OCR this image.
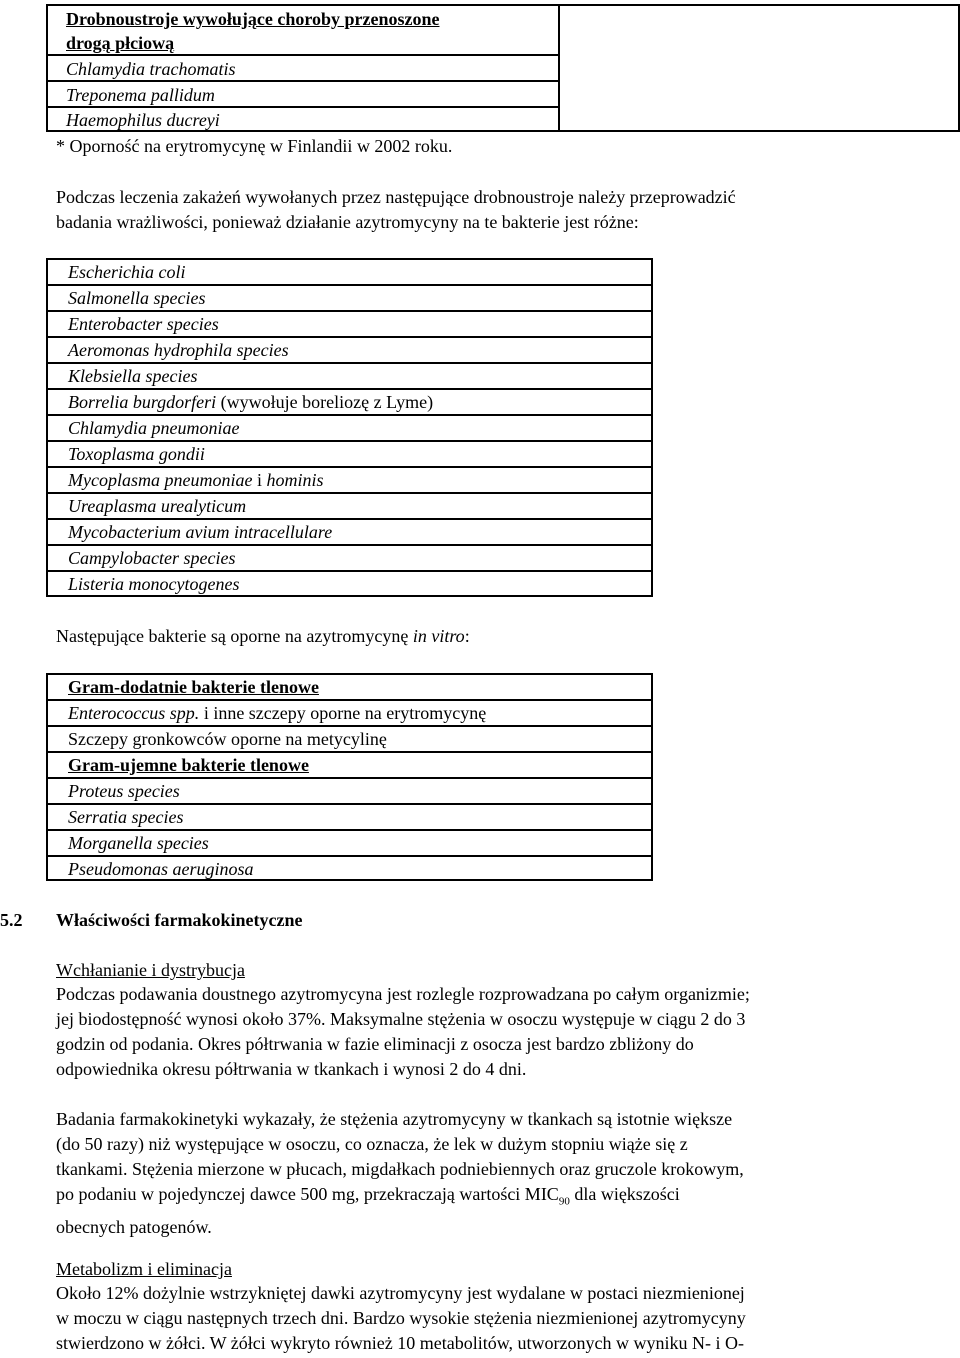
Drobnoustroje wywołujące choroby przenoszone
drogą płciową
Chlamydia trachomatis
Treponema pallidum
Haemophilus ducreyi
* Oporność na erytromycynę w Finlandii w 2002 roku.
Podczas leczenia zakażeń wywołanych przez następujące drobnoustroje należy przeprowadzić
badania wrażliwości, ponieważ działanie azytromycyny na te bakterie jest różne:
Escherichia coli
Salmonella species
Enterobacter species
Aeromonas hydrophila species
Klebsiella species
Borrelia burgdorferi (wywołuje boreliozę z Lyme)
Chlamydia pneumoniae
Toxoplasma gondii
Mycoplasma pneumoniae i hominis
Ureaplasma urealyticum
Mycobacterium avium intracellulare
Campylobacter species
Listeria monocytogenes
Następujące bakterie są oporne na azytromycynę in vitro:
Gram-dodatnie bakterie tlenowe
Enterococcus spp. i inne szczepy oporne na erytromycynę
Szczepy gronkowców oporne na metycylinę
Gram-ujemne bakterie tlenowe
Proteus species
Serratia species
Morganella species
Pseudomonas aeruginosa
5.2 Właściwości farmakokinetyczne
Wchłanianie i dystrybucja
Podczas podawania doustnego azytromycyna jest rozlegle rozprowadzana po całym organizmie;
jej biodostępność wynosi około 37%. Maksymalne stężenia w osoczu występuje w ciągu 2 do 3
godzin od podania. Okres półtrwania w fazie eliminacji z osocza jest bardzo zbliżony do
odpowiednika okresu półtrwania w tkankach i wynosi 2 do 4 dni.
Badania farmakokinetyki wykazały, że stężenia azytromycyny w tkankach są istotnie większe
(do 50 razy) niż występujące w osoczu, co oznacza, że lek w dużym stopniu wiąże się z
tkankami. Stężenia mierzone w płucach, migdałkach podniebiennych oraz gruczole krokowym,
po podaniu w pojedynczej dawce 500 mg, przekraczają wartości $MIC_{90}$ dla większości
obecnych patogenów.
Metabolizm i eliminacja
Około 12% dożylnie wstrzykniętej dawki azytromycyny jest wydalane w postaci niezmienionej
w moczu w ciągu następnych trzech dni. Bardzo wysokie stężenia niezmienionej azytromycyny
stwierdzono w żółci. W żółci wykryto również 10 metabolitów, utworzonych w wyniku N- i O-
